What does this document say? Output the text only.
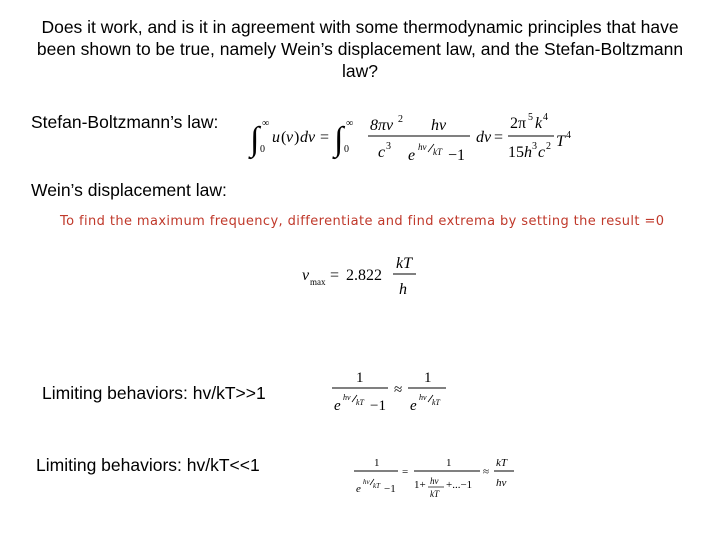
Does it work, and is it in agreement with some thermodynamic principles that have been shown to be true, namely Wein’s displacement law, and the Stefan-Boltzmann law?
Stefan-Boltzmann’s law: ∫ ∞
0
u ( v ) dv = ∫ ∞
0
8πv 2
c 3
hv
e hv kT −1
dv =
2π 5 k 4
15 h 3 c 2 T 4
Wein’s displacement law:
To find the maximum frequency, differentiate and find extrema by setting the result =0
v max = 2.822
kT
h
Limiting behaviors: hv/kT>>1
1
e
hv
kT −1
≈
1
e
hv
kT
Limiting behaviors: hv/kT<<1	1
e
hv kT −1
=
1
1+ hv
kT
+...−1
≈
kT
hv
